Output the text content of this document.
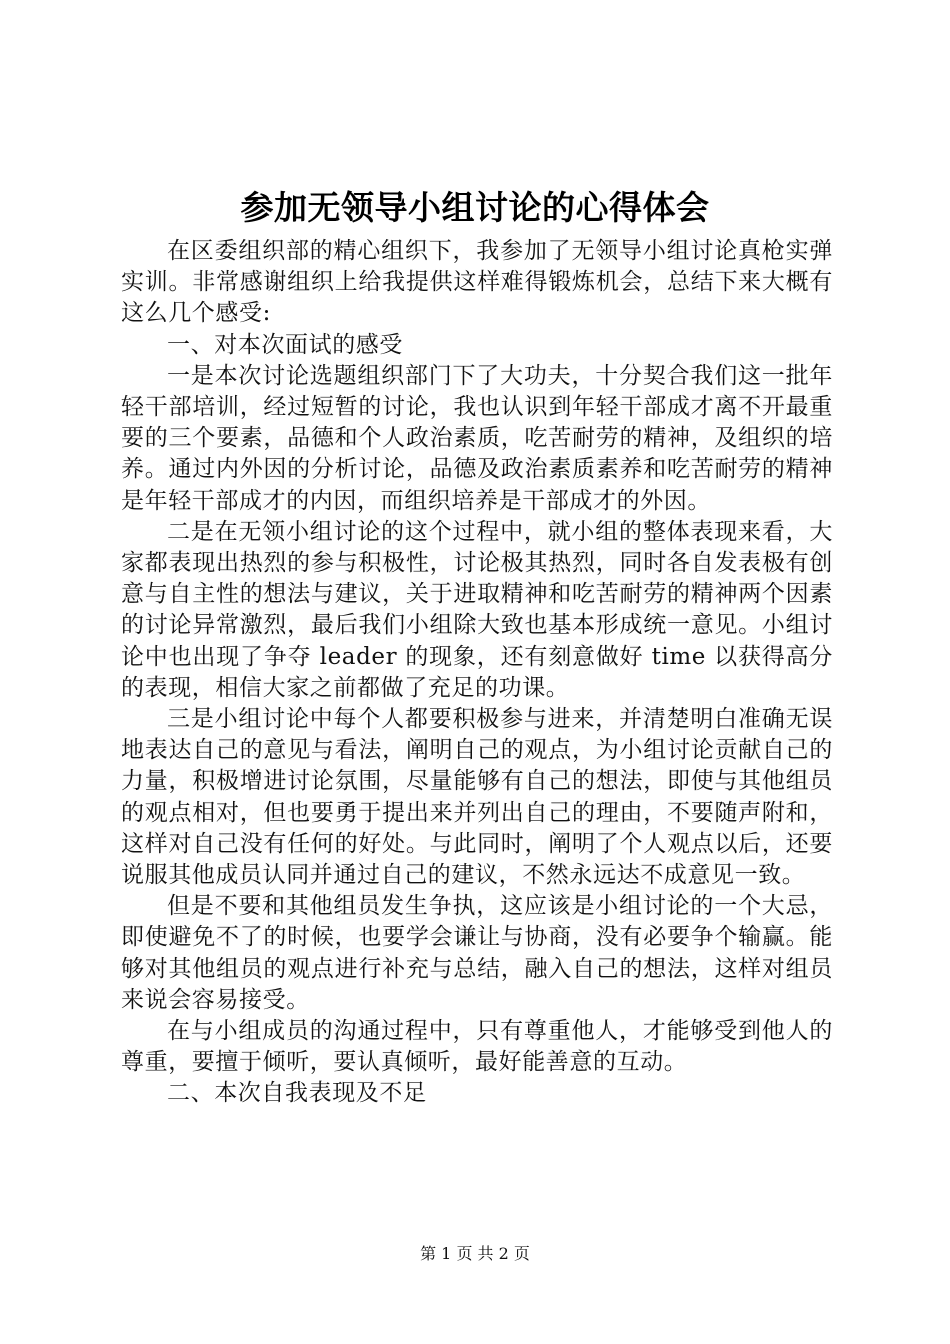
参加无领导小组讨论的心得体会

在区委组织部的精心组织下，我参加了无领导小组讨论真枪实弹实训。非常感谢组织上给我提供这样难得锻炼机会，总结下来大概有这么几个感受:

一、对本次面试的感受

一是本次讨论选题组织部门下了大功夫，十分契合我们这一批年轻干部培训，经过短暂的讨论，我也认识到年轻干部成才离不开最重要的三个要素，品德和个人政治素质，吃苦耐劳的精神，及组织的培养。通过内外因的分析讨论，品德及政治素质素养和吃苦耐劳的精神是年轻干部成才的内因，而组织培养是干部成才的外因。

二是在无领小组讨论的这个过程中，就小组的整体表现来看，大家都表现出热烈的参与积极性，讨论极其热烈，同时各自发表极有创意与自主性的想法与建议，关于进取精神和吃苦耐劳的精神两个因素的讨论异常激烈，最后我们小组除大致也基本形成统一意见。小组讨论中也出现了争夺 leader 的现象，还有刻意做好 time 以获得高分的表现，相信大家之前都做了充足的功课。

三是小组讨论中每个人都要积极参与进来，并清楚明白准确无误地表达自己的意见与看法，阐明自己的观点，为小组讨论贡献自己的力量，积极增进讨论氛围，尽量能够有自己的想法，即使与其他组员的观点相对，但也要勇于提出来并列出自己的理由，不要随声附和，这样对自己没有任何的好处。与此同时，阐明了个人观点以后，还要说服其他成员认同并通过自己的建议，不然永远达不成意见一致。

但是不要和其他组员发生争执，这应该是小组讨论的一个大忌，即使避免不了的时候，也要学会谦让与协商，没有必要争个输赢。能够对其他组员的观点进行补充与总结，融入自己的想法，这样对组员来说会容易接受。

在与小组成员的沟通过程中，只有尊重他人，才能够受到他人的尊重，要擅于倾听，要认真倾听，最好能善意的互动。

二、本次自我表现及不足

第 1 页 共 2 页
